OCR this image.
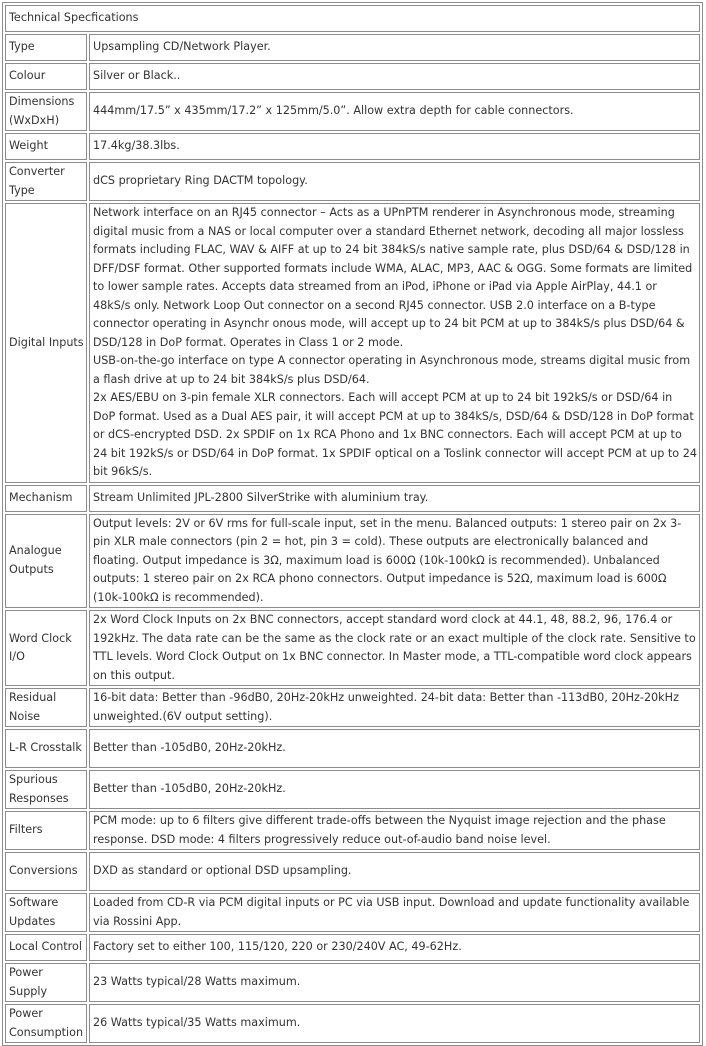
Technical Specfications	
Type	Upsampling CD/Network Player.

Colour	Silver or Black..

Dimensions (WxDxH)	444mm/17.5” x 435mm/17.2” x 125mm/5.0”. Allow extra depth for cable connectors.

Weight	17.4kg/38.3lbs.

Converter Type	dCS proprietary Ring DACTM topology.

Digital Inputs	Network interface on an RJ45 connector – Acts as a UPnPTM renderer in Asynchronous mode, streaming digital music from a NAS or local computer over a standard Ethernet network, decoding all major lossless formats including FLAC, WAV & AIFF at up to 24 bit 384kS/s native sample rate, plus DSD/64 & DSD/128 in DFF/DSF format. Other supported formats include WMA, ALAC, MP3, AAC & OGG. Some formats are limited to lower sample rates. Accepts data streamed from an iPod, iPhone or iPad via Apple AirPlay, 44.1 or 48kS/s only. Network Loop Out connector on a second RJ45 connector. USB 2.0 interface on a B-type connector operating in Asynchr onous mode, will accept up to 24 bit PCM at up to 384kS/s plus DSD/64 & DSD/128 in DoP format. Operates in Class 1 or 2 mode.
USB-on-the-go interface on type A connector operating in Asynchronous mode, streams digital music from a flash drive at up to 24 bit 384kS/s plus DSD/64.
2x AES/EBU on 3-pin female XLR connectors. Each will accept PCM at up to 24 bit 192kS/s or DSD/64 in DoP format. Used as a Dual AES pair, it will accept PCM at up to 384kS/s, DSD/64 & DSD/128 in DoP format or dCS-encrypted DSD. 2x SPDIF on 1x RCA Phono and 1x BNC connectors. Each will accept PCM at up to 24 bit 192kS/s or DSD/64 in DoP format. 1x SPDIF optical on a Toslink connector will accept PCM at up to 24 bit 96kS/s.

Mechanism	Stream Unlimited JPL-2800 SilverStrike with aluminium tray.

Analogue Outputs	Output levels: 2V or 6V rms for full-scale input, set in the menu. Balanced outputs: 1 stereo pair on 2x 3-pin XLR male connectors (pin 2 = hot, pin 3 = cold). These outputs are electronically balanced and floating. Output impedance is 3Ω, maximum load is 600Ω (10k-100kΩ is recommended). Unbalanced outputs: 1 stereo pair on 2x RCA phono connectors. Output impedance is 52Ω, maximum load is 600Ω (10k-100kΩ is recommended).

Word Clock I/O	2x Word Clock Inputs on 2x BNC connectors, accept standard word clock at 44.1, 48, 88.2, 96, 176.4 or 192kHz. The data rate can be the same as the clock rate or an exact multiple of the clock rate. Sensitive to TTL levels. Word Clock Output on 1x BNC connector. In Master mode, a TTL-compatible word clock appears on this output.

Residual Noise	16-bit data: Better than -96dB0, 20Hz-20kHz unweighted. 24-bit data: Better than -113dB0, 20Hz-20kHz unweighted.(6V output setting).

L-R Crosstalk	Better than -105dB0, 20Hz-20kHz.

Spurious Responses	Better than -105dB0, 20Hz-20kHz.

Filters	PCM mode: up to 6 filters give different trade-offs between the Nyquist image rejection and the phase response. DSD mode: 4 filters progressively reduce out-of-audio band noise level.

Conversions	DXD as standard or optional DSD upsampling.

Software Updates	Loaded from CD-R via PCM digital inputs or PC via USB input. Download and update functionality available via Rossini App.

Local Control	Factory set to either 100, 115/120, 220 or 230/240V AC, 49-62Hz.

Power Supply	23 Watts typical/28 Watts maximum.

Power Consumption	26 Watts typical/35 Watts maximum.
